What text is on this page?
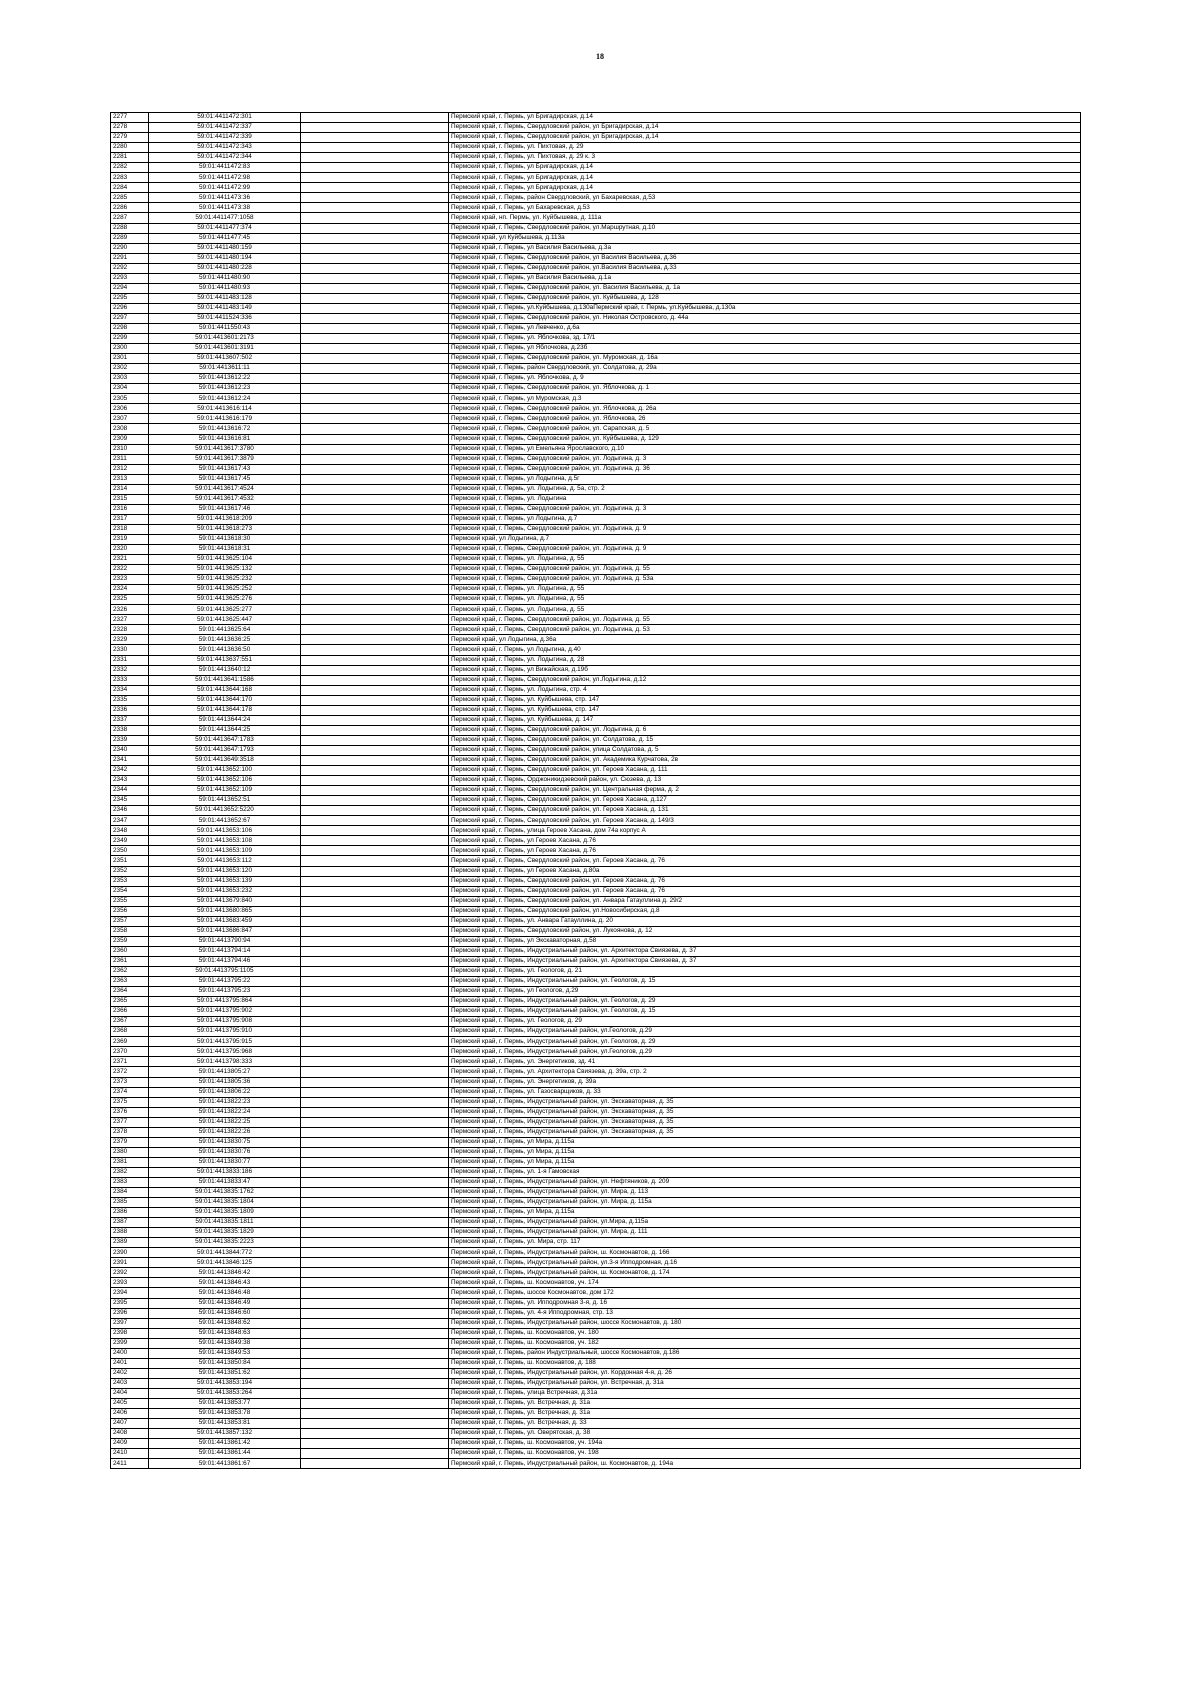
18
2277	59:01:4411472:301		Пермский край, г. Пермь, ул Бригадирская, д.14
2278	59:01:4411472:337		Пермский край, г. Пермь, Свердловский район, ул Бригадирская, д.14
2279	59:01:4411472:339		Пермский край, г. Пермь, Свердловский район, ул Бригадирская, д.14
2280	59:01:4411472:343		Пермский край, г. Пермь, ул. Пихтовая, д. 29
2281	59:01:4411472:344		Пермский край, г. Пермь, ул. Пихтовая, д. 29 к. 3
2282	59:01:4411472:83		Пермский край, г. Пермь, ул Бригадирская, д.14
2283	59:01:4411472:98		Пермский край, г. Пермь, ул Бригадирская, д.14
2284	59:01:4411472:99		Пермский край, г. Пермь, ул Бригадирская, д.14
2285	59:01:4411473:36		Пермский край, г. Пермь, район Свердловский, ул Бахаревская, д.53
2286	59:01:4411473:38		Пермский край, г. Пермь, ул Бахаревская, д.53
2287	59:01:4411477:1058		Пермский край, нп. Пермь, ул. Куйбышева, д. 111а
2288	59:01:4411477:374		Пермский край, г. Пермь, Свердловский район, ул.Маршрутная, д.10
2289	59:01:4411477:45		Пермский край, ул Куйбышева, д.113а
2290	59:01:4411480:159		Пермский край, г. Пермь, ул Василия Васильева, д.3а
2291	59:01:4411480:194		Пермский край, г. Пермь, Свердловский район, ул Василия Васильева, д.36
2292	59:01:4411480:228		Пермский край, г. Пермь, Свердловский район, ул.Василия Васильева, д.33
2293	59:01:4411480:90		Пермский край, г. Пермь, ул Василия Васильева, д.1а
2294	59:01:4411480:93		Пермский край, г. Пермь, Свердловский район, ул. Василия Васильева, д. 1а
2295	59:01:4411483:128		Пермский край, г. Пермь, Свердловский район, ул. Куйбышева, д. 128
2296	59:01:4411483:149		Пермский край, г. Пермь, ул.Куйбышева, д.130аПермский край, г. Пермь, ул.Куйбышева, д.130а
2297	59:01:4411524:336		Пермский край, г. Пермь, Свердловский район, ул. Николая Островского, д. 44а
2298	59:01:4411550:43		Пермский край, г. Пермь, ул Левченко, д.6а
2299	59:01:4413601:2173		Пермский край, г. Пермь, ул. Яблочкова, зд. 17/1
2300	59:01:4413601:3191		Пермский край, г. Пермь, ул Яблочкова, д.23б
2301	59:01:4413607:502		Пермский край, г. Пермь, Свердловский район, ул. Муромская, д. 16а
2302	59:01:4413611:11		Пермский край, г. Пермь, район Свердловский, ул. Солдатова, д. 29а
2303	59:01:4413612:22		Пермский край, г. Пермь, ул. Яблочкова, д. 9
2304	59:01:4413612:23		Пермский край, г. Пермь, Свердловский район, ул. Яблочкова, д. 1
2305	59:01:4413612:24		Пермский край, г. Пермь, ул Муромская, д.3
2306	59:01:4413616:114		Пермский край, г. Пермь, Свердловский район, ул. Яблочкова, д. 26а
2307	59:01:4413616:179		Пермский край, г. Пермь, Свердловский район, ул. Яблочкова, 26
2308	59:01:4413616:72		Пермский край, г. Пермь, Свердловский район, ул. Сарапская, д. 5
2309	59:01:4413616:81		Пермский край, г. Пермь, Свердловский район, ул. Куйбышева, д. 129
2310	59:01:4413617:3780		Пермский край, г. Пермь, ул Емельяна Ярославского, д.10
2311	59:01:4413617:3879		Пермский край, г. Пермь, Свердловский район, ул. Лодыгина, д. 3
2312	59:01:4413617:43		Пермский край, г. Пермь, Свердловский район, ул. Лодыгина, д. 36
2313	59:01:4413617:45		Пермский край, г. Пермь, ул Лодыгина, д.5г
2314	59:01:4413617:4524		Пермский край, г. Пермь, ул. Лодыгина, д. 5а, стр. 2
2315	59:01:4413617:4532		Пермский край, г. Пермь, ул. Лодыгина
2316	59:01:4413617:46		Пермский край, г. Пермь, Свердловский район, ул. Лодыгина, д. 3
2317	59:01:4413618:209		Пермский край, г. Пермь, ул Лодыгина, д.7
2318	59:01:4413618:273		Пермский край, г. Пермь, Свердловский район, ул. Лодыгина, д. 9
2319	59:01:4413618:30		Пермский край, ул Лодыгина, д.7
2320	59:01:4413618:31		Пермский край, г. Пермь, Свердловский район, ул. Лодыгина, д. 9
2321	59:01:4413625:104		Пермский край, г. Пермь, ул. Лодыгина, д. 55
2322	59:01:4413625:132		Пермский край, г. Пермь, Свердловский район, ул. Лодыгина, д. 55
2323	59:01:4413625:232		Пермский край, г. Пермь, Свердловский район, ул. Лодыгина, д. 53а
2324	59:01:4413625:252		Пермский край, г. Пермь, ул. Лодыгина, д. 55
2325	59:01:4413625:276		Пермский край, г. Пермь, ул. Лодыгина, д. 55
2326	59:01:4413625:277		Пермский край, г. Пермь, ул. Лодыгина, д. 55
2327	59:01:4413625:447		Пермский край, г. Пермь, Свердловский район, ул. Лодыгина, д. 55
2328	59:01:4413625:64		Пермский край, г. Пермь, Свердловский район, ул. Лодыгина, д. 53
2329	59:01:4413636:25		Пермский край, ул Лодыгина, д.36а
2330	59:01:4413636:50		Пермский край, г. Пермь, ул Лодыгина, д.40
2331	59:01:4413637:551		Пермский край, г. Пермь, ул. Лодыгина, д. 28
2332	59:01:4413640:12		Пермский край, г. Пермь, ул Вижайская, д.19б
2333	59:01:4413641:1586		Пермский край, г. Пермь, Свердловский район, ул.Лодыгина, д.12
2334	59:01:4413644:168		Пермский край, г. Пермь, ул. Лодыгина, стр. 4
2335	59:01:4413644:170		Пермский край, г. Пермь, ул. Куйбышева, стр. 147
2336	59:01:4413644:178		Пермский край, г. Пермь, ул. Куйбышева, стр. 147
2337	59:01:4413644:24		Пермский край, г. Пермь, ул. Куйбышева, д. 147
2338	59:01:4413644:25		Пермский край, г. Пермь, Свердловский район, ул. Лодыгина, д. 6
2339	59:01:4413647:1783		Пермский край, г. Пермь, Свердловский район, ул. Солдатова, д. 15
2340	59:01:4413647:1793		Пермский край, г. Пермь, Свердловский район, улица Солдатова, д. 5
2341	59:01:4413649:3518		Пермский край, г. Пермь, Свердловский район, ул. Академика Курчатова, 2в
2342	59:01:4413652:100		Пермский край, г. Пермь, Свердловский район, ул. Героев Хасана, д. 111
2343	59:01:4413652:106		Пермский край, г. Пермь, Орджоникидзевский район, ул. Сюзева, д. 13
2344	59:01:4413652:109		Пермский край, г. Пермь, Свердловский район, ул. Центральная ферма, д. 2
2345	59:01:4413652:51		Пермский край, г. Пермь, Свердловский район, ул. Героев Хасана, д.127
2346	59:01:4413652:5220		Пермский край, г. Пермь, Свердловский район, ул. Героев Хасана, д. 131
2347	59:01:4413652:67		Пермский край, г. Пермь, Свердловский район, ул. Героев Хасана, д. 149/3
2348	59:01:4413653:106		Пермский край, г. Пермь, улица Героев Хасана, дом 74а корпус А
2349	59:01:4413653:108		Пермский край, г. Пермь, ул Героев Хасана, д.76
2350	59:01:4413653:109		Пермский край, г. Пермь, ул Героев Хасана, д.76
2351	59:01:4413653:112		Пермский край, г. Пермь, Свердловский район, ул. Героев Хасана, д. 76
2352	59:01:4413653:120		Пермский край, г. Пермь, ул Героев Хасана, д.80а
2353	59:01:4413653:139		Пермский край, г. Пермь, Свердловский район, ул. Героев Хасана, д. 76
2354	59:01:4413653:232		Пермский край, г. Пермь, Свердловский район, ул. Героев Хасана, д. 76
2355	59:01:4413679:840		Пермский край, г. Пермь, Свердловский район, ул. Анвара Гатауллина д. 29/2
2356	59:01:4413680:865		Пермский край, г. Пермь, Свердловский район, ул.Новосибирская, д.8
2357	59:01:4413683:459		Пермский край, г. Пермь, ул. Анвара Гатауллина, д. 20
2358	59:01:4413686:847		Пермский край, г. Пермь, Свердловский район, ул. Лукоянова, д. 12
2359	59:01:4413790:94		Пермский край, г. Пермь, ул Экскаваторная, д.58
2360	59:01:4413794:14		Пермский край, г. Пермь, Индустриальный район, ул. Архитектора Свиязева, д. 37
2361	59:01:4413794:46		Пермский край, г. Пермь, Индустриальный район, ул. Архитектора Свиязева, д. 37
2362	59:01:4413795:1105		Пермский край, г. Пермь, ул. Геологов, д. 21
2363	59:01:4413795:22		Пермский край, г. Пермь, Индустриальный район, ул. Геологов, д. 15
2364	59:01:4413795:23		Пермский край, г. Пермь, ул Геологов, д.29
2365	59:01:4413795:864		Пермский край, г. Пермь, Индустриальный район, ул. Геологов, д. 29
2366	59:01:4413795:902		Пермский край, г. Пермь, Индустриальный район, ул. Геологов, д. 15
2367	59:01:4413795:908		Пермский край, г. Пермь, ул. Геологов, д. 29
2368	59:01:4413795:910		Пермский край, г. Пермь, Индустриальный район, ул.Геологов, д.29
2369	59:01:4413795:915		Пермский край, г. Пермь, Индустриальный район, ул. Геологов, д. 29
2370	59:01:4413795:968		Пермский край, г. Пермь, Индустриальный район, ул.Геологов, д.29
2371	59:01:4413798:333		Пермский край, г. Пермь, ул. Энергетиков, зд. 41
2372	59:01:4413805:27		Пермский край, г. Пермь, ул. Архитектора Свиязева, д. 39а, стр. 2
2373	59:01:4413805:36		Пермский край, г. Пермь, ул. Энергетиков, д. 39а
2374	59:01:4413806:22		Пермский край, г. Пермь, ул. Газосварщиков, д. 33
2375	59:01:4413822:23		Пермский край, г. Пермь, Индустриальный район, ул. Экскаваторная, д. 35
2376	59:01:4413822:24		Пермский край, г. Пермь, Индустриальный район, ул. Экскаваторная, д. 35
2377	59:01:4413822:25		Пермский край, г. Пермь, Индустриальный район, ул. Экскаваторная, д. 35
2378	59:01:4413822:26		Пермский край, г. Пермь, Индустриальный район, ул. Экскаваторная, д. 35
2379	59:01:4413830:75		Пермский край, г. Пермь, ул Мира, д.115а
2380	59:01:4413830:76		Пермский край, г. Пермь, ул Мира, д.115а
2381	59:01:4413830:77		Пермский край, г. Пермь, ул Мира, д.115а
2382	59:01:4413833:186		Пермский край, г. Пермь, ул. 1-я Гамовская
2383	59:01:4413833:47		Пермский край, г. Пермь, Индустриальный район, ул. Нефтяников, д. 209
2384	59:01:4413835:1762		Пермский край, г. Пермь, Индустриальный район, ул. Мира, д. 113
2385	59:01:4413835:1804		Пермский край, г. Пермь, Индустриальный район, ул. Мира, д. 115а
2386	59:01:4413835:1809		Пермский край, г. Пермь, ул Мира, д.115а
2387	59:01:4413835:1811		Пермский край, г. Пермь, Индустриальный район, ул.Мира, д.115а
2388	59:01:4413835:1829		Пермский край, г. Пермь, Индустриальный район, ул. Мира, д. 111
2389	59:01:4413835:2223		Пермский край, г. Пермь, ул. Мира, стр. 117
2390	59:01:4413844:772		Пермский край, г. Пермь, Индустриальный район, ш. Космонавтов, д. 166
2391	59:01:4413846:125		Пермский край, г. Пермь, Индустриальный район, ул.3-я Ипподромная, д.16
2392	59:01:4413846:42		Пермский край, г. Пермь, Индустриальный район, ш. Космонавтов, д. 174
2393	59:01:4413846:43		Пермский край, г. Пермь, ш. Космонавтов, уч. 174
2394	59:01:4413846:48		Пермский край, г. Пермь, шоссе Космонавтов, дом 172
2395	59:01:4413846:49		Пермский край, г. Пермь, ул. Ипподромная 3-я, д. 16
2396	59:01:4413846:60		Пермский край, г. Пермь, ул. 4-я Ипподромная, стр. 13
2397	59:01:4413848:62		Пермский край, г. Пермь, Индустриальный район, шоссе Космонавтов, д. 180
2398	59:01:4413848:63		Пермский край, г. Пермь, ш. Космонавтов, уч. 180
2399	59:01:4413849:38		Пермский край, г. Пермь, ш. Космонавтов, уч. 182
2400	59:01:4413849:53		Пермский край, г. Пермь, район Индустриальный, шоссе Космонавтов, д.186
2401	59:01:4413850:84		Пермский край, г. Пермь, ш. Космонавтов, д. 188
2402	59:01:4413851:62		Пермский край, г. Пермь, Индустриальный район, ул. Кордонная 4-я, д. 26
2403	59:01:4413853:194		Пермский край, г. Пермь, Индустриальный район, ул. Встречная, д. 31а
2404	59:01:4413853:264		Пермский край, г. Пермь, улица Встречная, д.31а
2405	59:01:4413853:77		Пермский край, г. Пермь, ул. Встречная, д. 31а
2406	59:01:4413853:78		Пермский край, г. Пермь, ул. Встречная, д. 31а
2407	59:01:4413853:81		Пермский край, г. Пермь, ул. Встречная, д. 33
2408	59:01:4413857:132		Пермский край, г. Пермь, ул. Оверятская, д. 38
2409	59:01:4413861:42		Пермский край, г. Пермь, ш. Космонавтов, уч. 194а
2410	59:01:4413861:44		Пермский край, г. Пермь, ш. Космонавтов, уч. 198
2411	59:01:4413861:67		Пермский край, г. Пермь, Индустриальный район, ш. Космонавтов, д. 194а
